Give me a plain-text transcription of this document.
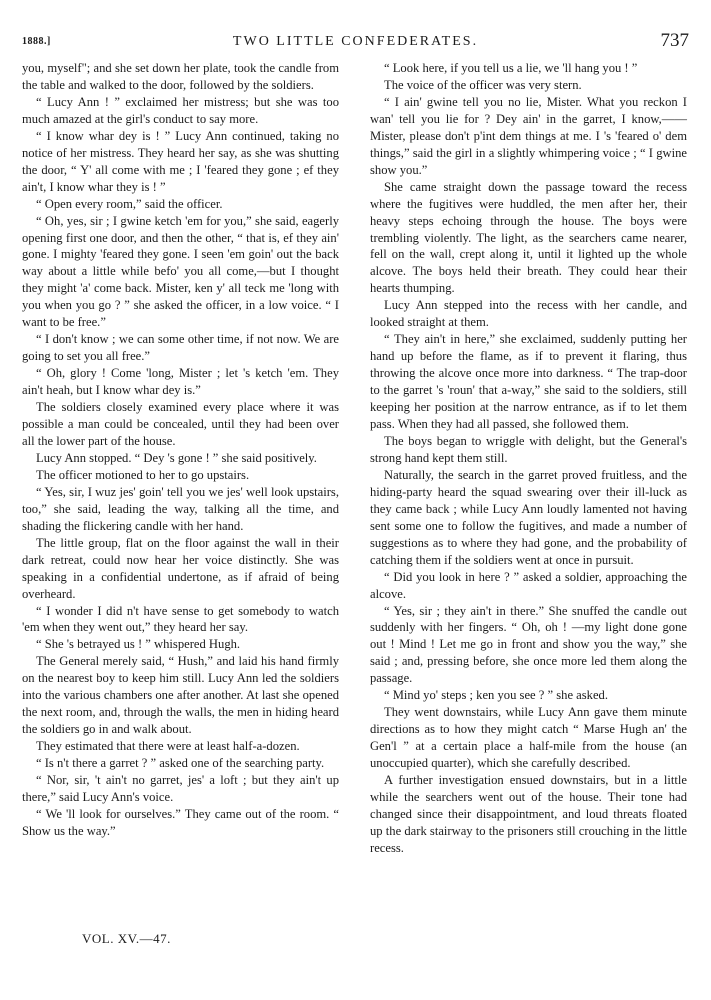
1888.]	TWO LITTLE CONFEDERATES.	737

you, myself"; and she set down her plate, took the candle from the table and walked to the door, followed by the soldiers.

“ Lucy Ann ! ” exclaimed her mistress; but she was too much amazed at the girl's conduct to say more.

“ I know whar dey is ! ” Lucy Ann continued, taking no notice of her mistress. They heard her say, as she was shutting the door, “ Y' all come with me ; I 'feared they gone ; ef they ain't, I know whar they is ! ”

“ Open every room,” said the officer.

“ Oh, yes, sir ; I gwine ketch 'em for you,” she said, eagerly opening first one door, and then the other, “ that is, ef they ain' gone. I mighty 'feared they gone. I seen 'em goin' out the back way about a little while befo' you all come,—but I thought they might 'a' come back. Mister, ken y' all teck me 'long with you when you go ? ” she asked the officer, in a low voice. “ I want to be free.”

“ I don't know ; we can some other time, if not now. We are going to set you all free.”

“ Oh, glory ! Come 'long, Mister ; let 's ketch 'em. They ain't heah, but I know whar dey is.”

The soldiers closely examined every place where it was possible a man could be concealed, until they had been over all the lower part of the house.

Lucy Ann stopped. “ Dey 's gone ! ” she said positively.

The officer motioned to her to go upstairs.

“ Yes, sir, I wuz jes' goin' tell you we jes' well look upstairs, too,” she said, leading the way, talking all the time, and shading the flickering candle with her hand.

The little group, flat on the floor against the wall in their dark retreat, could now hear her voice distinctly. She was speaking in a confidential undertone, as if afraid of being overheard.

“ I wonder I did n't have sense to get somebody to watch 'em when they went out,” they heard her say.

“ She 's betrayed us ! ” whispered Hugh.

The General merely said, “ Hush,” and laid his hand firmly on the nearest boy to keep him still. Lucy Ann led the soldiers into the various chambers one after another. At last she opened the next room, and, through the walls, the men in hiding heard the soldiers go in and walk about.

They estimated that there were at least half-a-dozen.

“ Is n't there a garret ? ” asked one of the searching party.

“ Nor, sir, 't ain't no garret, jes' a loft ; but they ain't up there,” said Lucy Ann's voice.

“ We 'll look for ourselves.” They came out of the room. “ Show us the way.”

“ Look here, if you tell us a lie, we 'll hang you ! ”

The voice of the officer was very stern.

“ I ain' gwine tell you no lie, Mister. What you reckon I wan' tell you lie for ? Dey ain' in the garret, I know,—— Mister, please don't p'int dem things at me. I 's 'feared o' dem things,” said the girl in a slightly whimpering voice ; “ I gwine show you.”

She came straight down the passage toward the recess where the fugitives were huddled, the men after her, their heavy steps echoing through the house. The boys were trembling violently. The light, as the searchers came nearer, fell on the wall, crept along it, until it lighted up the whole alcove. The boys held their breath. They could hear their hearts thumping.

Lucy Ann stepped into the recess with her candle, and looked straight at them.

“ They ain't in here,” she exclaimed, suddenly putting her hand up before the flame, as if to prevent it flaring, thus throwing the alcove once more into darkness. “ The trap-door to the garret 's 'roun' that a-way,” she said to the soldiers, still keeping her position at the narrow entrance, as if to let them pass. When they had all passed, she followed them.

The boys began to wriggle with delight, but the General's strong hand kept them still.

Naturally, the search in the garret proved fruitless, and the hiding-party heard the squad swearing over their ill-luck as they came back ; while Lucy Ann loudly lamented not having sent some one to follow the fugitives, and made a number of suggestions as to where they had gone, and the probability of catching them if the soldiers went at once in pursuit.

“ Did you look in here ? ” asked a soldier, approaching the alcove.

“ Yes, sir ; they ain't in there.” She snuffed the candle out suddenly with her fingers. “ Oh, oh ! —my light done gone out ! Mind ! Let me go in front and show you the way,” she said ; and, pressing before, she once more led them along the passage.

“ Mind yo' steps ; ken you see ? ” she asked.

They went downstairs, while Lucy Ann gave them minute directions as to how they might catch “ Marse Hugh an' the Gen'l ” at a certain place a half-mile from the house (an unoccupied quarter), which she carefully described.

A further investigation ensued downstairs, but in a little while the searchers went out of the house. Their tone had changed since their disappointment, and loud threats floated up the dark stairway to the prisoners still crouching in the little recess.

VOL. XV.—47.
